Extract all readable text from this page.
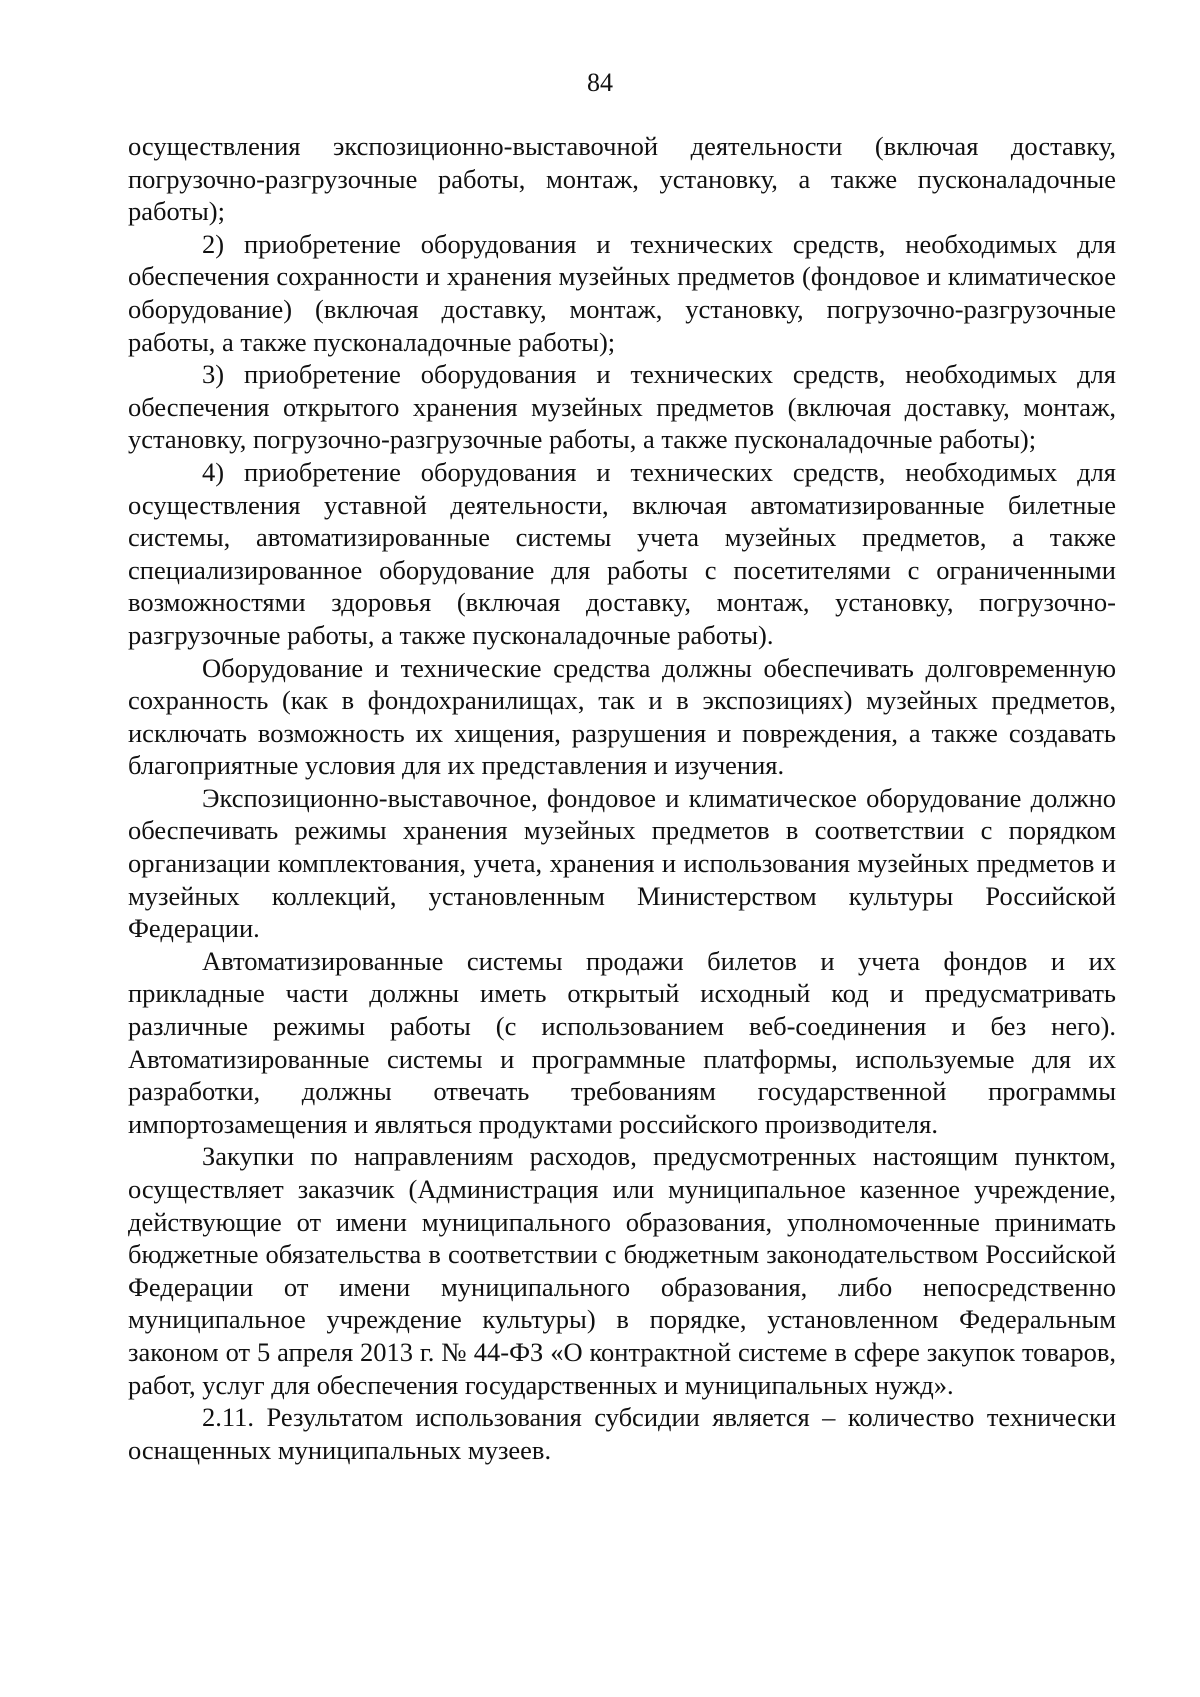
84

осуществления экспозиционно-выставочной деятельности (включая доставку, погрузочно-разгрузочные работы, монтаж, установку, а также пусконаладочные работы);

2) приобретение оборудования и технических средств, необходимых для обеспечения сохранности и хранения музейных предметов (фондовое и климатическое оборудование) (включая доставку, монтаж, установку, погрузочно-разгрузочные работы, а также пусконаладочные работы);

3) приобретение оборудования и технических средств, необходимых для обеспечения открытого хранения музейных предметов (включая доставку, монтаж, установку, погрузочно-разгрузочные работы, а также пусконаладочные работы);

4) приобретение оборудования и технических средств, необходимых для осуществления уставной деятельности, включая автоматизированные билетные системы, автоматизированные системы учета музейных предметов, а также специализированное оборудование для работы с посетителями с ограниченными возможностями здоровья (включая доставку, монтаж, установку, погрузочно-разгрузочные работы, а также пусконаладочные работы).

Оборудование и технические средства должны обеспечивать долговременную сохранность (как в фондохранилищах, так и в экспозициях) музейных предметов, исключать возможность их хищения, разрушения и повреждения, а также создавать благоприятные условия для их представления и изучения.

Экспозиционно-выставочное, фондовое и климатическое оборудование должно обеспечивать режимы хранения музейных предметов в соответствии с порядком организации комплектования, учета, хранения и использования музейных предметов и музейных коллекций, установленным Министерством культуры Российской Федерации.

Автоматизированные системы продажи билетов и учета фондов и их прикладные части должны иметь открытый исходный код и предусматривать различные режимы работы (с использованием веб-соединения и без него). Автоматизированные системы и программные платформы, используемые для их разработки, должны отвечать требованиям государственной программы импортозамещения и являться продуктами российского производителя.

Закупки по направлениям расходов, предусмотренных настоящим пунктом, осуществляет заказчик (Администрация или муниципальное казенное учреждение, действующие от имени муниципального образования, уполномоченные принимать бюджетные обязательства в соответствии с бюджетным законодательством Российской Федерации от имени муниципального образования, либо непосредственно муниципальное учреждение культуры) в порядке, установленном Федеральным законом от 5 апреля 2013 г. № 44-ФЗ «О контрактной системе в сфере закупок товаров, работ, услуг для обеспечения государственных и муниципальных нужд».

2.11. Результатом использования субсидии является – количество технически оснащенных муниципальных музеев.
